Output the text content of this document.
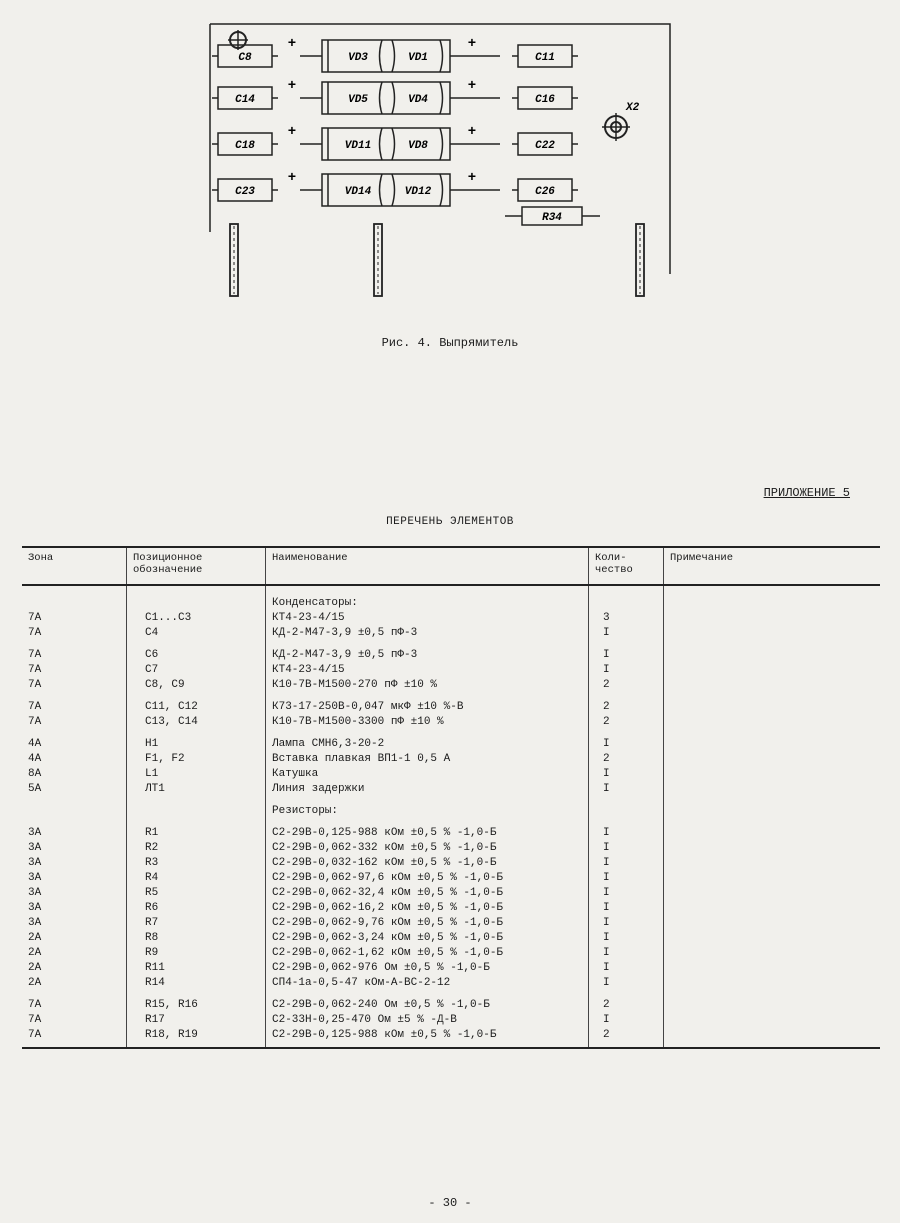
X2
C8	VD3	VD1
+	+
C11
C14	VD5	VD4
+	+
C16
C18	VD11	VD8
+	+
C22
C23	VD14	VD12
+	+
C26
R34
Рис. 4. Выпрямитель
ПРИЛОЖЕНИЕ 5
ПЕРЕЧЕНЬ ЭЛЕМЕНТОВ
Зона	Позиционное обозначение	Наименование	Коли-чество	Примечание
		Конденсаторы:		
7А	C1...C3	КТ4-23-4/15	3	
7А	C4	КД-2-М47-3,9 ±0,5 пФ-3	I	

7А	C6	КД-2-М47-3,9 ±0,5 пФ-3	I	
7А	C7	КТ4-23-4/15	I	
7А	C8, C9	К10-7В-М1500-270 пФ ±10 %	2	

7А	C11, C12	К73-17-250В-0,047 мкФ ±10 %-В	2	
7А	C13, C14	К10-7В-М1500-3300 пФ ±10 %	2	

4А	Н1	Лампа СМН6,3-20-2	I	
4А	F1, F2	Вставка плавкая ВП1-1 0,5 А	2	
8А	L1	Катушка	I	
5А	ЛТ1	Линия задержки	I	

		Резисторы:		

3А	R1	C2-29В-0,125-988 кОм ±0,5 % -1,0-Б	I	
3А	R2	C2-29В-0,062-332 кОм ±0,5 % -1,0-Б	I	
3А	R3	C2-29В-0,032-162 кОм ±0,5 % -1,0-Б	I	
3А	R4	C2-29В-0,062-97,6 кОм ±0,5 % -1,0-Б	I	
3А	R5	C2-29В-0,062-32,4 кОм ±0,5 % -1,0-Б	I	
3А	R6	C2-29В-0,062-16,2 кОм ±0,5 % -1,0-Б	I	
3А	R7	C2-29В-0,062-9,76 кОм ±0,5 % -1,0-Б	I	
2А	R8	C2-29В-0,062-3,24 кОм ±0,5 % -1,0-Б	I	
2А	R9	C2-29В-0,062-1,62 кОм ±0,5 % -1,0-Б	I	
2А	R11	C2-29В-0,062-976 Ом ±0,5 % -1,0-Б	I	
2А	R14	СП4-1а-0,5-47 кОм-А-ВС-2-12	I	

7А	R15, R16	C2-29В-0,062-240 Ом ±0,5 % -1,0-Б	2	
7А	R17	C2-33Н-0,25-470 Ом ±5 % -Д-В	I	
7А	R18, R19	C2-29В-0,125-988 кОм ±0,5 % -1,0-Б	2	
- 30 -
